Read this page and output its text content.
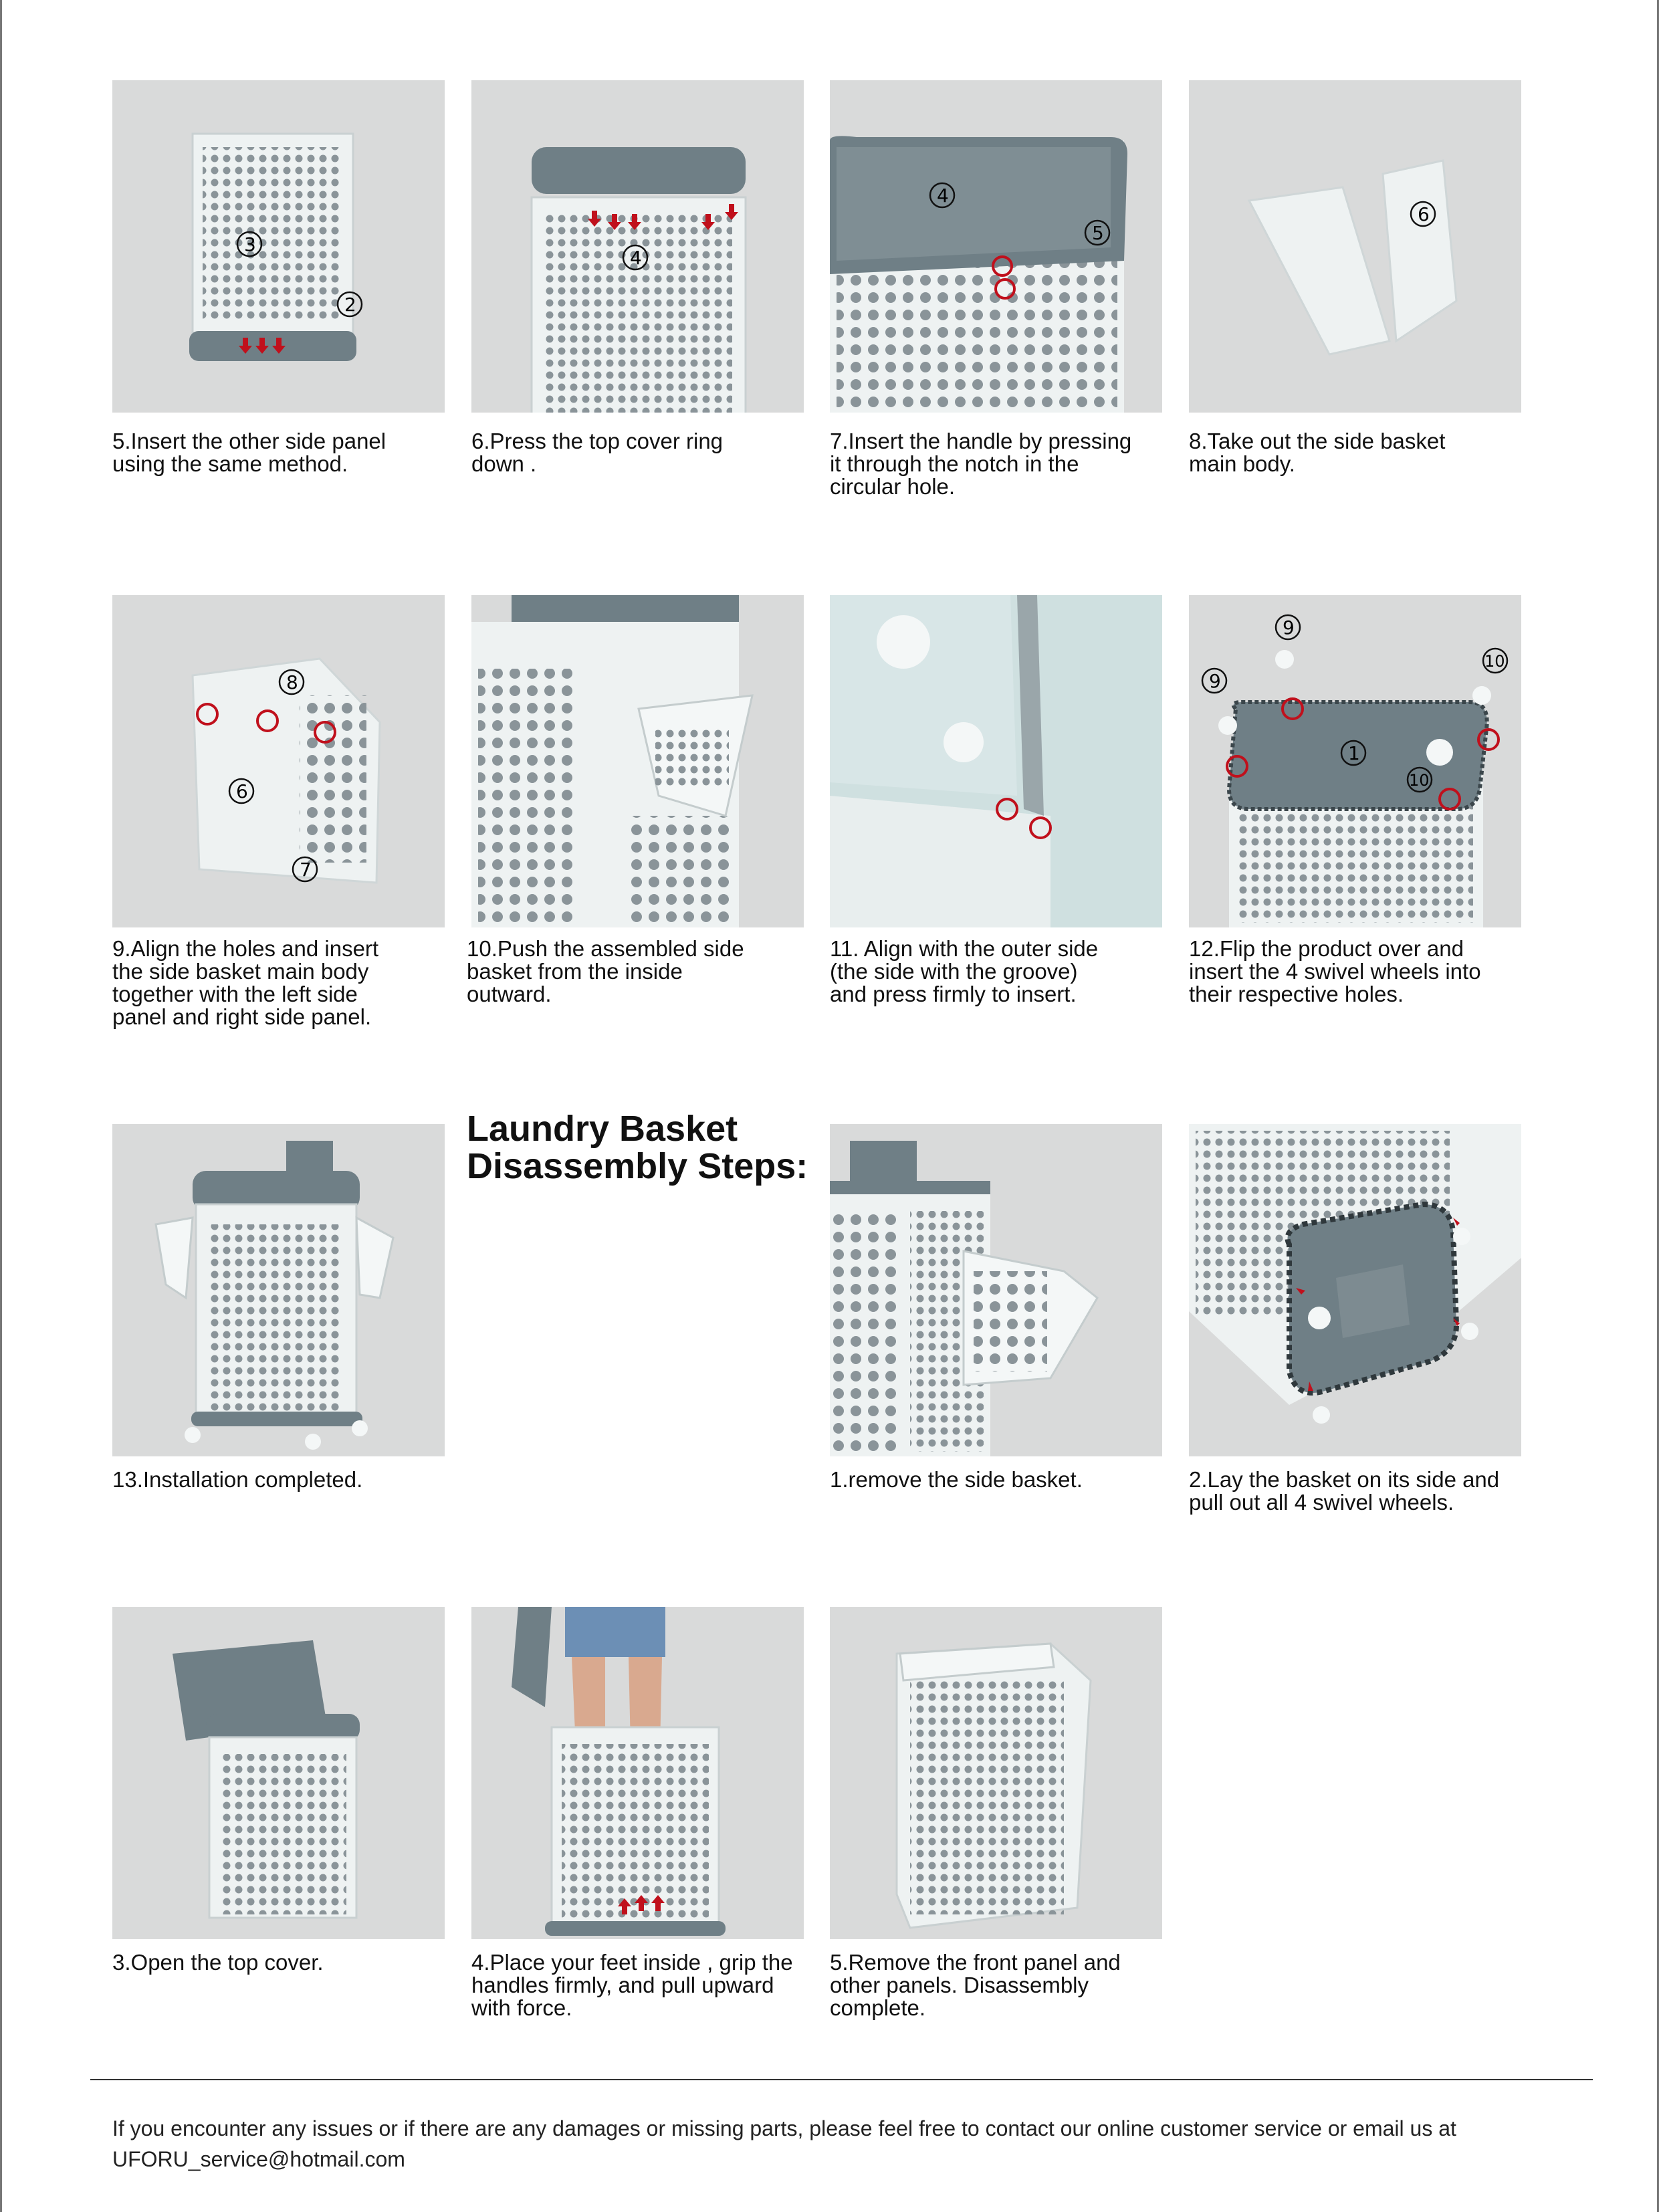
3
2
5.Insert the other side panel
using the same method.
4
6.Press the top cover ring
down .
4
5
7.Insert the handle by pressing
it through the notch in the
circular hole.
6
8.Take out the side basket
main body.
8
6
7
9.Align the holes and insert
the side basket main body
together with the left side
panel and right side panel.
10.Push the assembled side
basket from the inside
outward.
11. Align with the outer side
(the side with the groove)
and press firmly to insert.
9
9
10
1
10
12.Flip the product over and
insert the 4 swivel wheels into
their respective holes.
13.Installation completed.
Laundry Basket
Disassembly Steps:
1.remove the side basket.	2.Lay the basket on its side and
pull out all 4 swivel wheels.
3.Open the top cover.	4.Place your feet inside , grip the
handles firmly, and pull upward
with force.
5.Remove the front panel and
other panels. Disassembly
complete.
If you encounter any issues or if there are any damages or missing parts, please feel free to contact our online customer service or email us at UFORU_service@hotmail.com
